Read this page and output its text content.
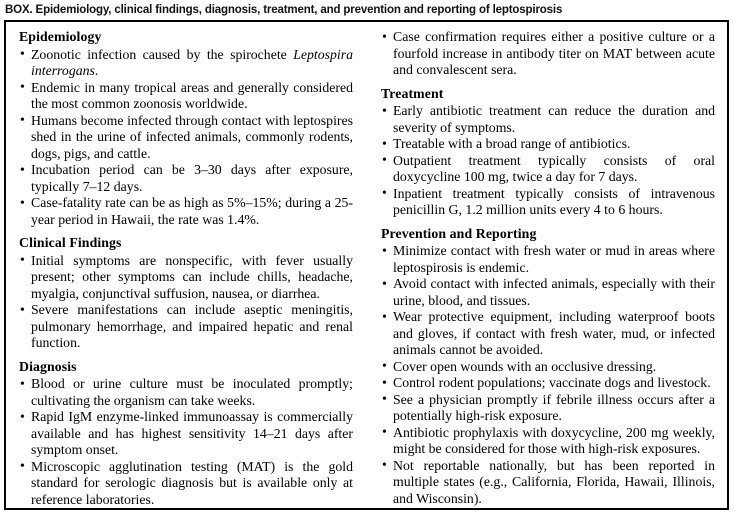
BOX. Epidemiology, clinical findings, diagnosis, treatment, and prevention and reporting of leptospirosis
Epidemiology
• Zoonotic infection caused by the spirochete Leptospira interrogans.
• Endemic in many tropical areas and generally considered the most common zoonosis worldwide.
• Humans become infected through contact with leptospires shed in the urine of infected animals, commonly rodents, dogs, pigs, and cattle.
• Incubation period can be 3–30 days after exposure, typically 7–12 days.
• Case-fatality rate can be as high as 5%–15%; during a 25-year period in Hawaii, the rate was 1.4%.
Clinical Findings
• Initial symptoms are nonspecific, with fever usually present; other symptoms can include chills, headache, myalgia, conjunctival suffusion, nausea, or diarrhea.
• Severe manifestations can include aseptic meningitis, pulmonary hemorrhage, and impaired hepatic and renal function.
Diagnosis
• Blood or urine culture must be inoculated promptly; cultivating the organism can take weeks.
• Rapid IgM enzyme-linked immunoassay is commercially available and has highest sensitivity 14–21 days after symptom onset.
• Microscopic agglutination testing (MAT) is the gold standard for serologic diagnosis but is available only at reference laboratories.
• Case confirmation requires either a positive culture or a fourfold increase in antibody titer on MAT between acute and convalescent sera.
Treatment
• Early antibiotic treatment can reduce the duration and severity of symptoms.
• Treatable with a broad range of antibiotics.
• Outpatient treatment typically consists of oral doxycycline 100 mg, twice a day for 7 days.
• Inpatient treatment typically consists of intravenous penicillin G, 1.2 million units every 4 to 6 hours.
Prevention and Reporting
• Minimize contact with fresh water or mud in areas where leptospirosis is endemic.
• Avoid contact with infected animals, especially with their urine, blood, and tissues.
• Wear protective equipment, including waterproof boots and gloves, if contact with fresh water, mud, or infected animals cannot be avoided.
• Cover open wounds with an occlusive dressing.
• Control rodent populations; vaccinate dogs and livestock.
• See a physician promptly if febrile illness occurs after a potentially high-risk exposure.
• Antibiotic prophylaxis with doxycycline, 200 mg weekly, might be considered for those with high-risk exposures.
• Not reportable nationally, but has been reported in multiple states (e.g., California, Florida, Hawaii, Illinois, and Wisconsin).
